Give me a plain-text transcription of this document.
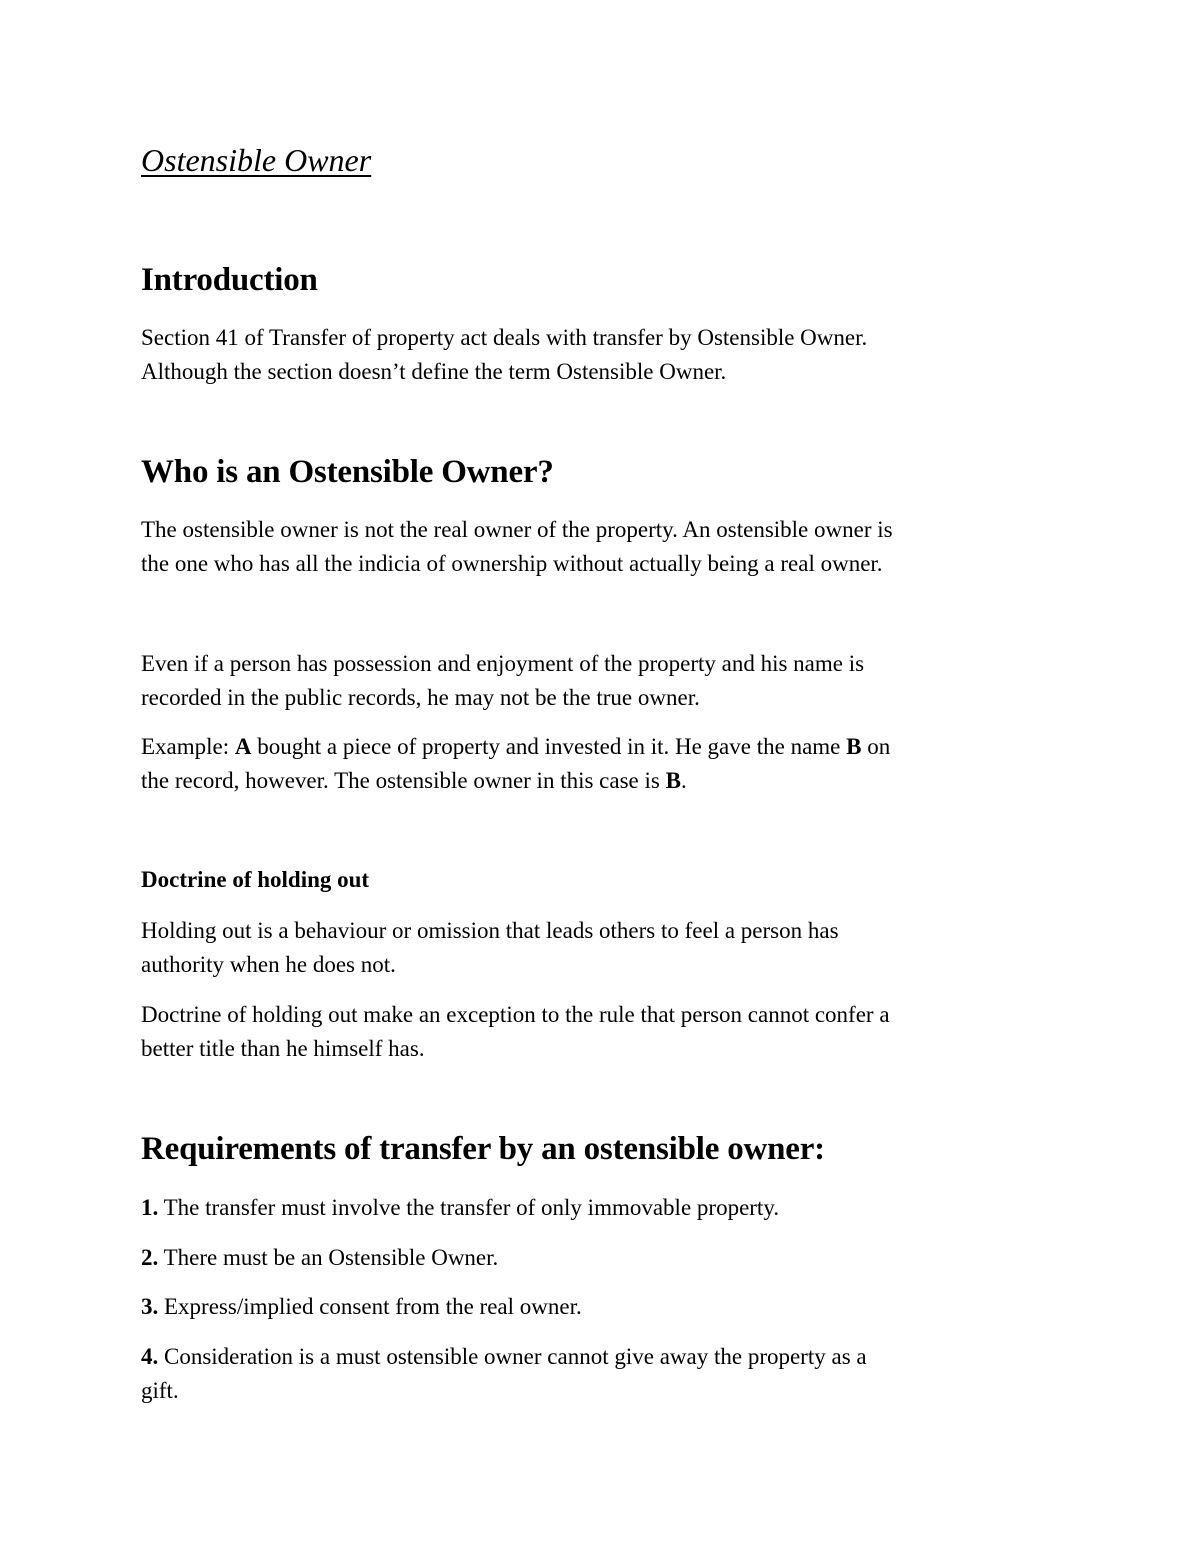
Ostensible Owner
Introduction
Section 41 of Transfer of property act deals with transfer by Ostensible Owner.
Although the section doesn’t define the term Ostensible Owner.
Who is an Ostensible Owner?
The ostensible owner is not the real owner of the property. An ostensible owner is
the one who has all the indicia of ownership without actually being a real owner.
Even if a person has possession and enjoyment of the property and his name is
recorded in the public records, he may not be the true owner.
Example: A bought a piece of property and invested in it. He gave the name B on
the record, however. The ostensible owner in this case is B.
Doctrine of holding out
Holding out is a behaviour or omission that leads others to feel a person has
authority when he does not.
Doctrine of holding out make an exception to the rule that person cannot confer a
better title than he himself has.
Requirements of transfer by an ostensible owner:
1. The transfer must involve the transfer of only immovable property.
2. There must be an Ostensible Owner.
3. Express/implied consent from the real owner.
4. Consideration is a must ostensible owner cannot give away the property as a
gift.
